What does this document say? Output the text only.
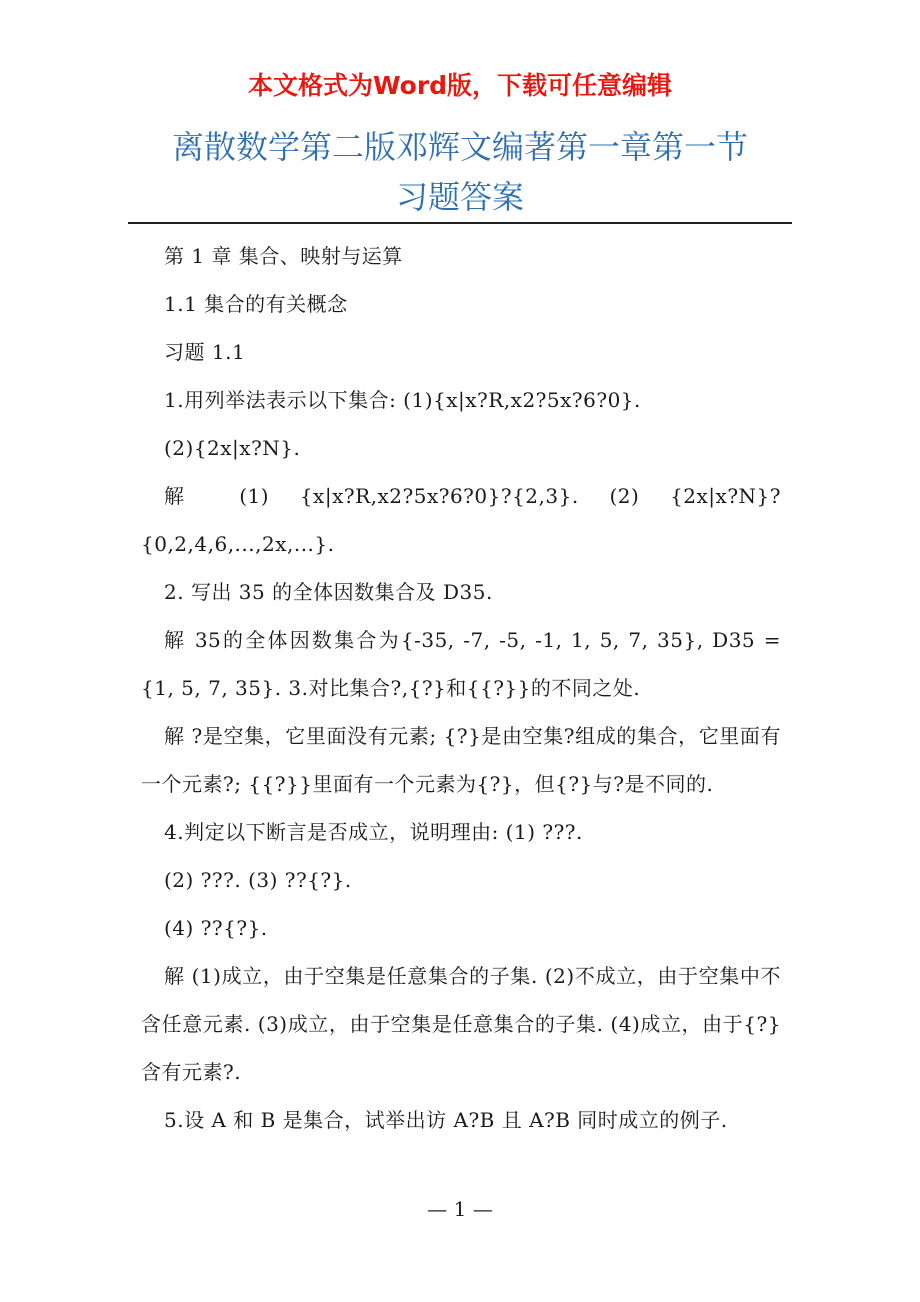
本文格式为Word版，下载可任意编辑
离散数学第二版邓辉文编著第一章第一节
习题答案

第 1 章 集合、映射与运算

1.1 集合的有关概念

习题 1.1

1.用列举法表示以下集合: (1){x|x?R,x2?5x?6?0}.

(2){2x|x?N}.

解 (1) {x|x?R,x2?5x?6?0}?{2,3}. (2) {2x|x?N}?{0,2,4,6,...,2x,...}.

2. 写出 35 的全体因数集合及 D35.

解 35的全体因数集合为{-35, -7, -5, -1, 1, 5, 7, 35}, D35 = {1, 5, 7, 35}. 3.对比集合?,{?}和{{?}}的不同之处.

解 ?是空集，它里面没有元素; {?}是由空集?组成的集合，它里面有一个元素?; {{?}}里面有一个元素为{?}，但{?}与?是不同的.

4.判定以下断言是否成立，说明理由: (1) ???.

(2) ???. (3) ??{?}.

(4) ??{?}.

解 (1)成立，由于空集是任意集合的子集. (2)不成立，由于空集中不含任意元素. (3)成立，由于空集是任意集合的子集. (4)成立，由于{?}含有元素?.

5.设 A 和 B 是集合，试举出访 A?B 且 A?B 同时成立的例子.

— 1 —
